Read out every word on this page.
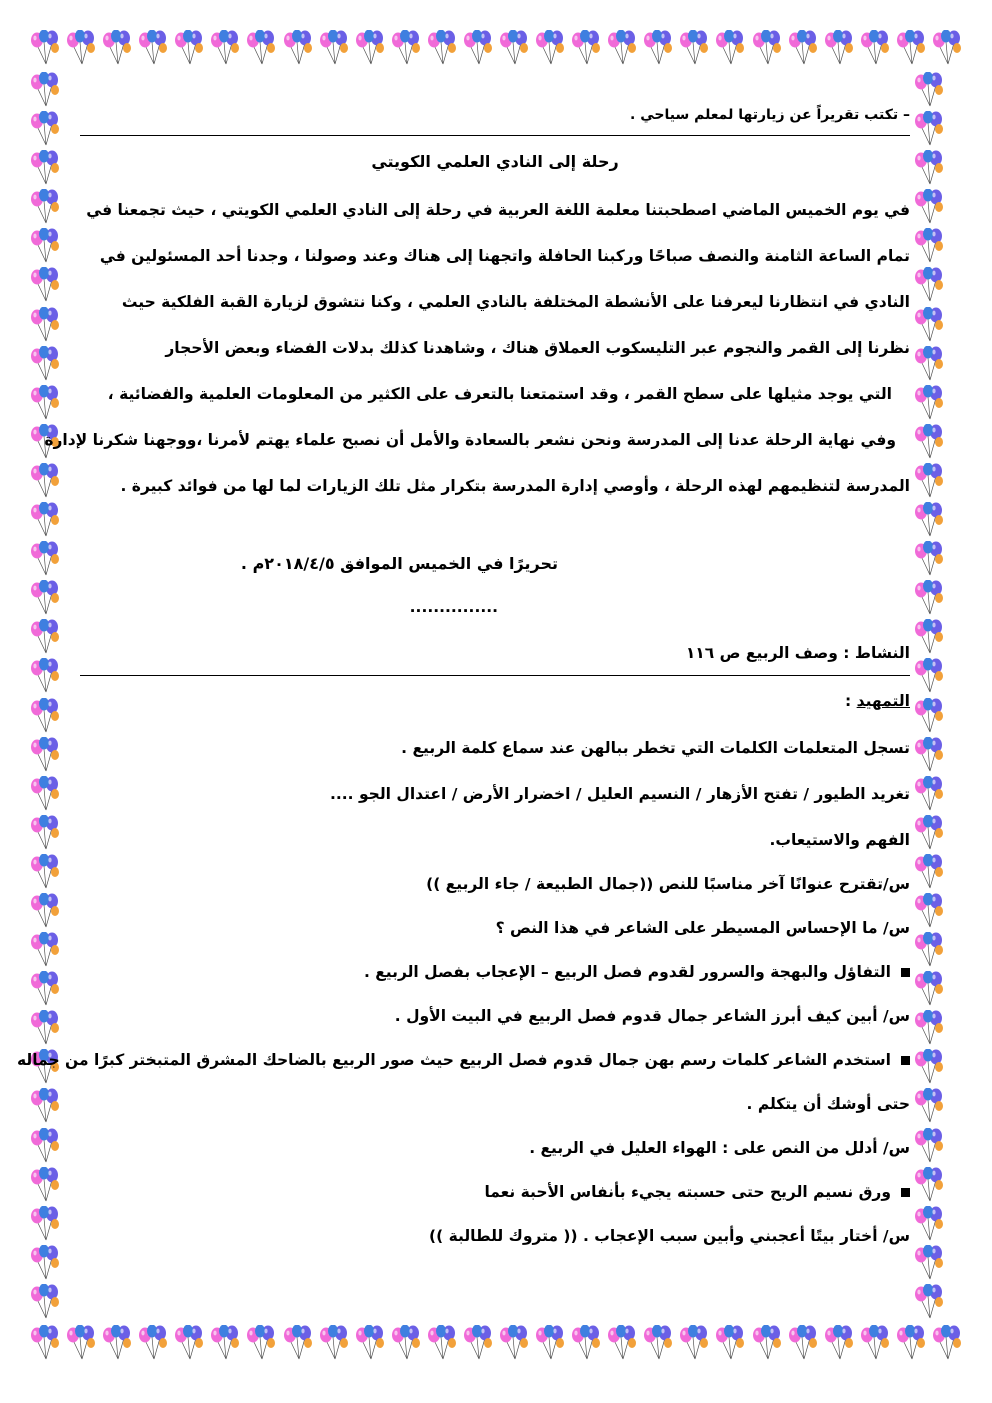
– تكتب تقريراً عن زيارتها لمعلم سياحي .
رحلة إلى النادي العلمي الكويتي
في يوم الخميس الماضي اصطحبتنا معلمة اللغة العربية في رحلة إلى النادي العلمي الكويتي ، حيث تجمعنا في
تمام الساعة الثامنة والنصف صباحًا وركبنا الحافلة واتجهنا إلى هناك وعند وصولنا ، وجدنا أحد المسئولين في
النادي في انتظارنا ليعرفنا على الأنشطة المختلفة بالنادي العلمي ، وكنا نتشوق لزيارة القبة الفلكية حيث
نظرنا إلى القمر والنجوم عبر التليسكوب العملاق هناك ، وشاهدنا كذلك بدلات الفضاء وبعض الأحجار
التي يوجد مثيلها على سطح القمر ، وقد استمتعنا بالتعرف على الكثير من المعلومات العلمية والفضائية ،
وفي نهاية الرحلة عدنا إلى المدرسة ونحن نشعر بالسعادة والأمل أن نصبح علماء يهتم لأمرنا ،ووجهنا شكرنا لإدارة
المدرسة لتنظيمهم لهذه الرحلة ، وأوصي إدارة المدرسة بتكرار مثل تلك الزيارات لما لها من فوائد كبيرة .
تحريرًا في الخميس الموافق ٢٠١٨/٤/٥م .
...............
النشاط : وصف الربيع ص ١١٦
التمهيد :
تسجل المتعلمات الكلمات التي تخطر ببالهن عند سماع كلمة الربيع .
تغريد الطيور / تفتح الأزهار / النسيم العليل / اخضرار الأرض / اعتدال الجو ....
الفهم والاستيعاب.
س/تقترح عنوانًا آخر مناسبًا للنص ((جمال الطبيعة / جاء الربيع ))
س/ ما الإحساس المسيطر على الشاعر في هذا النص ؟
التفاؤل والبهجة والسرور لقدوم فصل الربيع – الإعجاب بفصل الربيع .
س/ أبين كيف أبرز الشاعر جمال قدوم فصل الربيع في البيت الأول .
استخدم الشاعر كلمات رسم بهن جمال قدوم فصل الربيع حيث صور الربيع بالضاحك المشرق المتبختر كبرًا من جماله
حتى أوشك أن يتكلم .
س/ أدلل من النص على : الهواء العليل في الربيع .
ورق نسيم الريح حتى حسبته يجيء بأنفاس الأحبة نعما
س/ أختار بيتًا أعجبني وأبين سبب الإعجاب . (( متروك للطالبة ))
